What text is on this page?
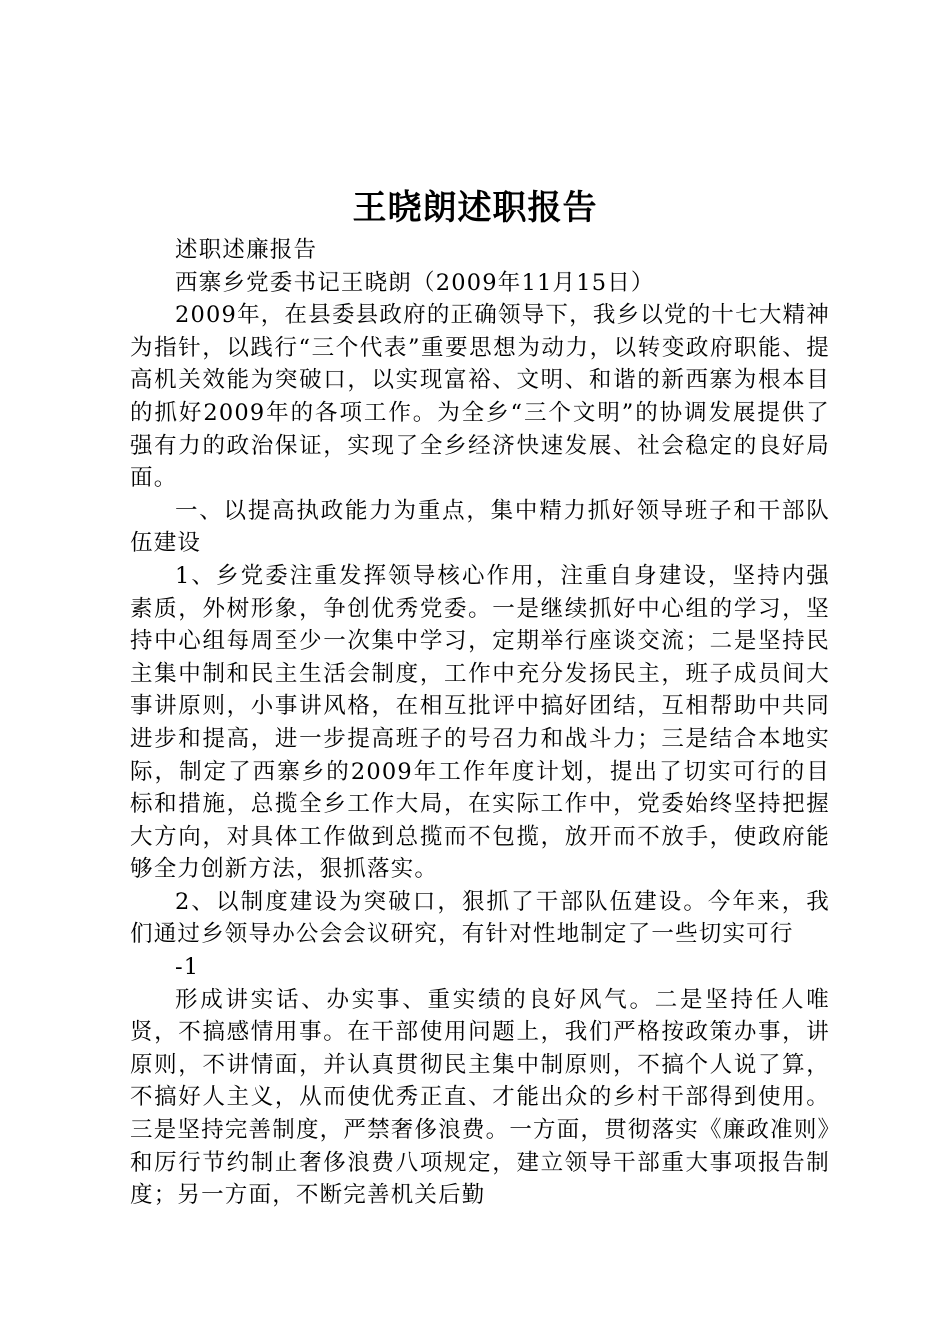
王晓朗述职报告

述职述廉报告

西寨乡党委书记王晓朗（2009年11月15日）

2009年，在县委县政府的正确领导下，我乡以党的十七大精神为指针，以践行“三个代表”重要思想为动力，以转变政府职能、提高机关效能为突破口，以实现富裕、文明、和谐的新西寨为根本目的抓好2009年的各项工作。为全乡“三个文明”的协调发展提供了强有力的政治保证，实现了全乡经济快速发展、社会稳定的良好局面。

一、以提高执政能力为重点，集中精力抓好领导班子和干部队伍建设

1、乡党委注重发挥领导核心作用，注重自身建设，坚持内强素质，外树形象，争创优秀党委。一是继续抓好中心组的学习，坚持中心组每周至少一次集中学习，定期举行座谈交流；二是坚持民主集中制和民主生活会制度，工作中充分发扬民主，班子成员间大事讲原则，小事讲风格，在相互批评中搞好团结，互相帮助中共同进步和提高，进一步提高班子的号召力和战斗力；三是结合本地实际，制定了西寨乡的2009年工作年度计划，提出了切实可行的目标和措施，总揽全乡工作大局，在实际工作中，党委始终坚持把握大方向，对具体工作做到总揽而不包揽，放开而不放手，使政府能够全力创新方法，狠抓落实。

2、以制度建设为突破口，狠抓了干部队伍建设。今年来，我们通过乡领导办公会会议研究，有针对性地制定了一些切实可行

-1

形成讲实话、办实事、重实绩的良好风气。二是坚持任人唯贤，不搞感情用事。在干部使用问题上，我们严格按政策办事，讲原则，不讲情面，并认真贯彻民主集中制原则，不搞个人说了算，不搞好人主义，从而使优秀正直、才能出众的乡村干部得到使用。三是坚持完善制度，严禁奢侈浪费。一方面，贯彻落实《廉政准则》和厉行节约制止奢侈浪费八项规定，建立领导干部重大事项报告制度；另一方面，不断完善机关后勤
